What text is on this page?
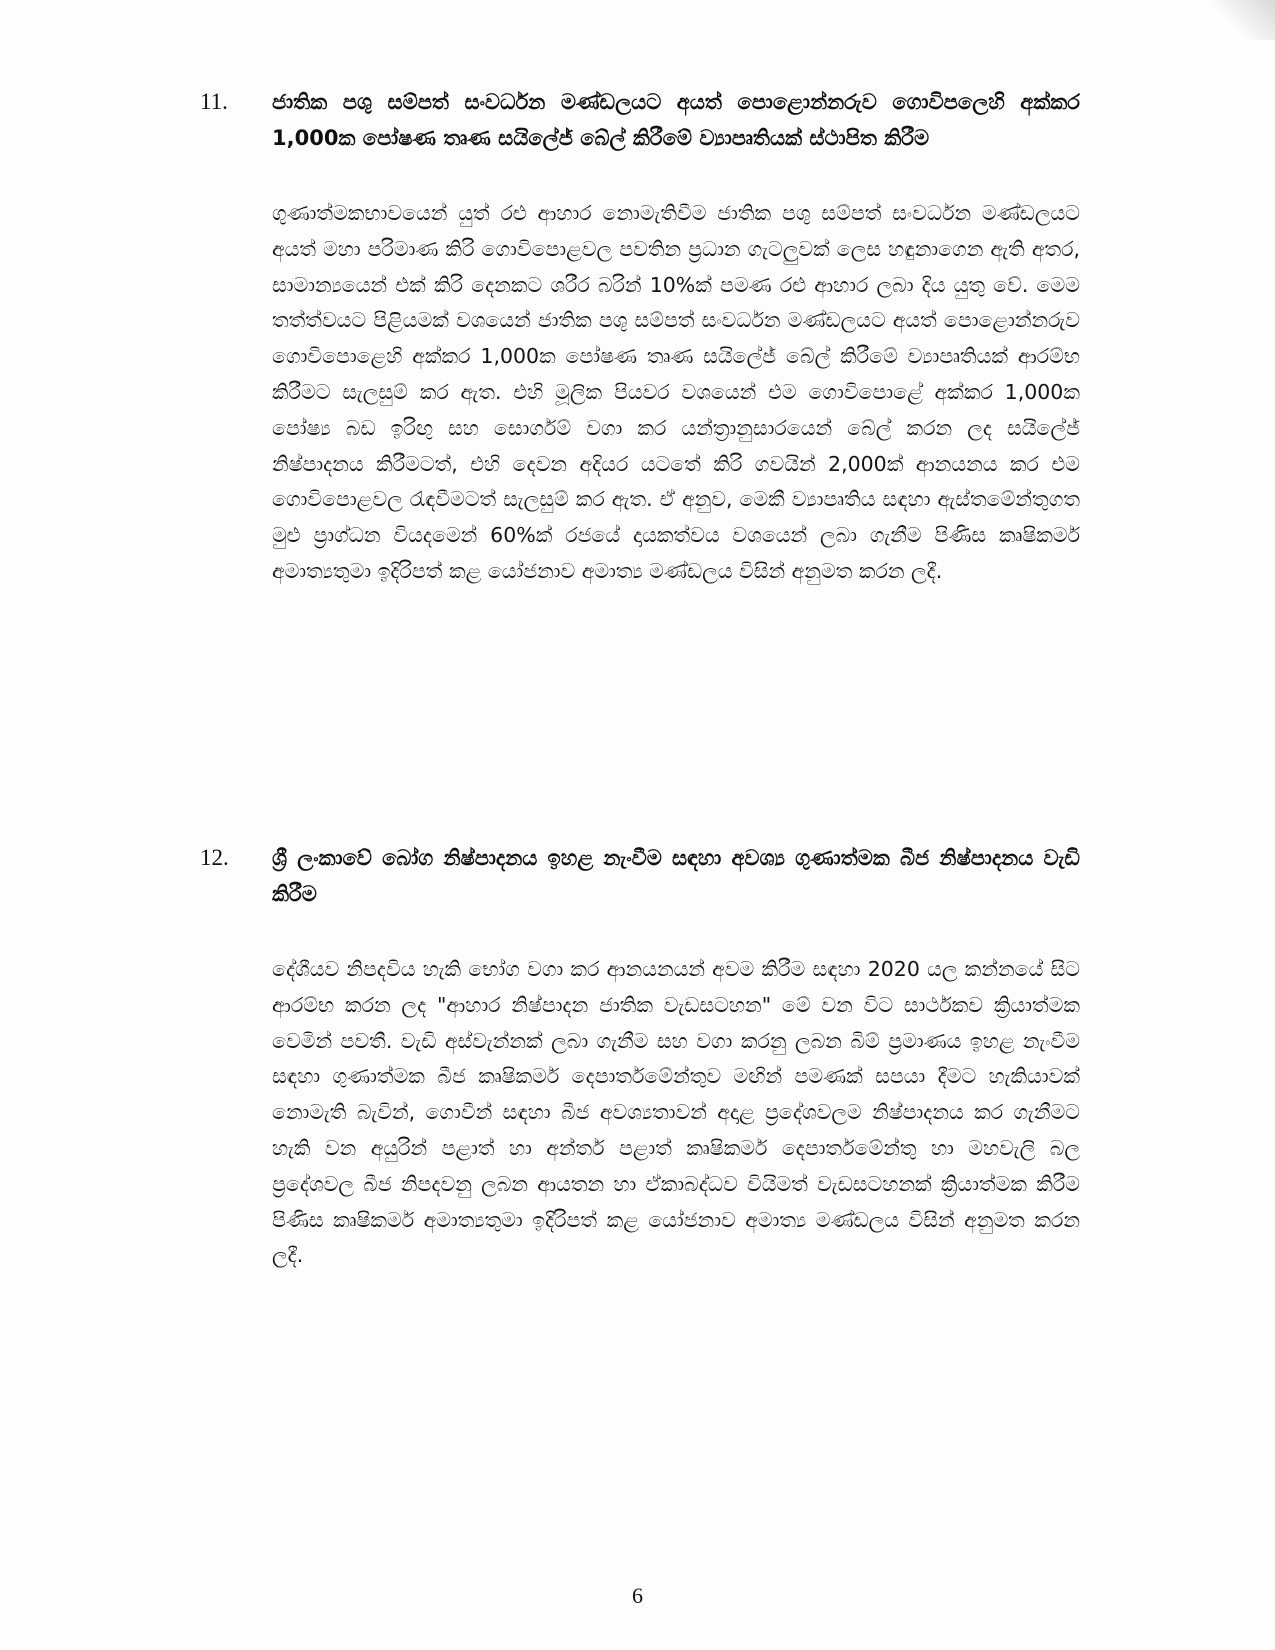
11.	ජාතික පශු සම්පත් සංවර්ධන මණ්ඩලයට අයත් පොළොන්නරුව ගොවිපලෙහි අක්කර 1,000ක පෝෂණ තෘණ සයිලේජ් බේල් කිරීමේ ව්‍යාපෘතියක් ස්ථාපිත කිරීම
ගුණාත්මකභාවයෙන් යුත් රළු ආහාර නොමැතිවීම ජාතික පශු සම්පත් සංවර්ධන මණ්ඩලයට අයත් මහා පරිමාණ කිරි ගොවිපොළවල පවතින ප්‍රධාන ගැටලුවක් ලෙස හඳුනාගෙන ඇති අතර, සාමාන්‍යයෙන් එක් කිරි දෙනකට ශරීර බරින් 10%ක් පමණ රළු ආහාර ලබා දිය යුතු වේ. මෙම තත්ත්වයට පිළියමක් වශයෙන් ජාතික පශු සම්පත් සංවර්ධන මණ්ඩලයට අයත් පොළොන්නරුව ගොවිපොළෙහි අක්කර 1,000ක පෝෂණ තෘණ සයිලේජ් බේල් කිරීමේ ව්‍යාපෘතියක් ආරම්භ කිරීමට සැලසුම් කර ඇත. එහි මූලික පියවර වශයෙන් එම ගොවිපොළේ අක්කර 1,000ක පෝෂ්‍ය බඩ ඉරිඟු සහ සොර්ගම් වගා කර යන්ත්‍රානුසාරයෙන් බේල් කරන ලද සයිලේජ් නිෂ්පාදනය කිරීමටත්, එහි දෙවන අදියර යටතේ කිරි ගවයින් 2,000ක් ආනයනය කර එම ගොවිපොළවල රැඳවීමටත් සැලසුම් කර ඇත. ඒ අනුව, මෙකී ව්‍යාපෘතිය සඳහා ඇස්තමේන්තුගත මුළු ප්‍රාග්ධන වියදමෙන් 60%ක් රජයේ දායකත්වය වශයෙන් ලබා ගැනීම පිණිස කෘෂිකර්ම අමාත්‍යතුමා ඉදිරිපත් කළ යෝජනාව අමාත්‍ය මණ්ඩලය විසින් අනුමත කරන ලදී.
12.	ශ්‍රී ලංකාවේ බෝග නිෂ්පාදනය ඉහළ නැංවීම සඳහා අවශ්‍ය ගුණාත්මක බීජ නිෂ්පාදනය වැඩි කිරීම
දේශීයව නිපදවිය හැකි භෝග වගා කර ආනයනයන් අවම කිරීම සඳහා 2020 යල කන්නයේ සිට ආරම්භ කරන ලද "ආහාර නිෂ්පාදන ජාතික වැඩසටහන" මේ වන විට සාර්ථකව ක්‍රියාත්මක වෙමින් පවතී. වැඩි අස්වැන්නක් ලබා ගැනීම සහ වගා කරනු ලබන බිම් ප්‍රමාණය ඉහළ නැංවීම සඳහා ගුණාත්මක බීජ කෘෂිකර්ම දෙපාර්තමේන්තුව මඟින් පමණක් සපයා දීමට හැකියාවක් නොමැති බැවින්, ගොවීන් සඳහා බීජ අවශ්‍යතාවන් අදාළ ප්‍රදේශවලම නිෂ්පාදනය කර ගැනීමට හැකි වන අයුරින් පළාත් හා අන්තර් පළාත් කෘෂිකර්ම දෙපාර්තමේන්තු හා මහවැලි බල ප්‍රදේශවල බීජ නිපදවනු ලබන ආයතන හා ඒකාබද්ධව වියිමත් වැඩසටහනක් ක්‍රියාත්මක කිරීම පිණිස කෘෂිකර්ම අමාත්‍යතුමා ඉදිරිපත් කළ යෝජනාව අමාත්‍ය මණ්ඩලය විසින් අනුමත කරන ලදී.
6
